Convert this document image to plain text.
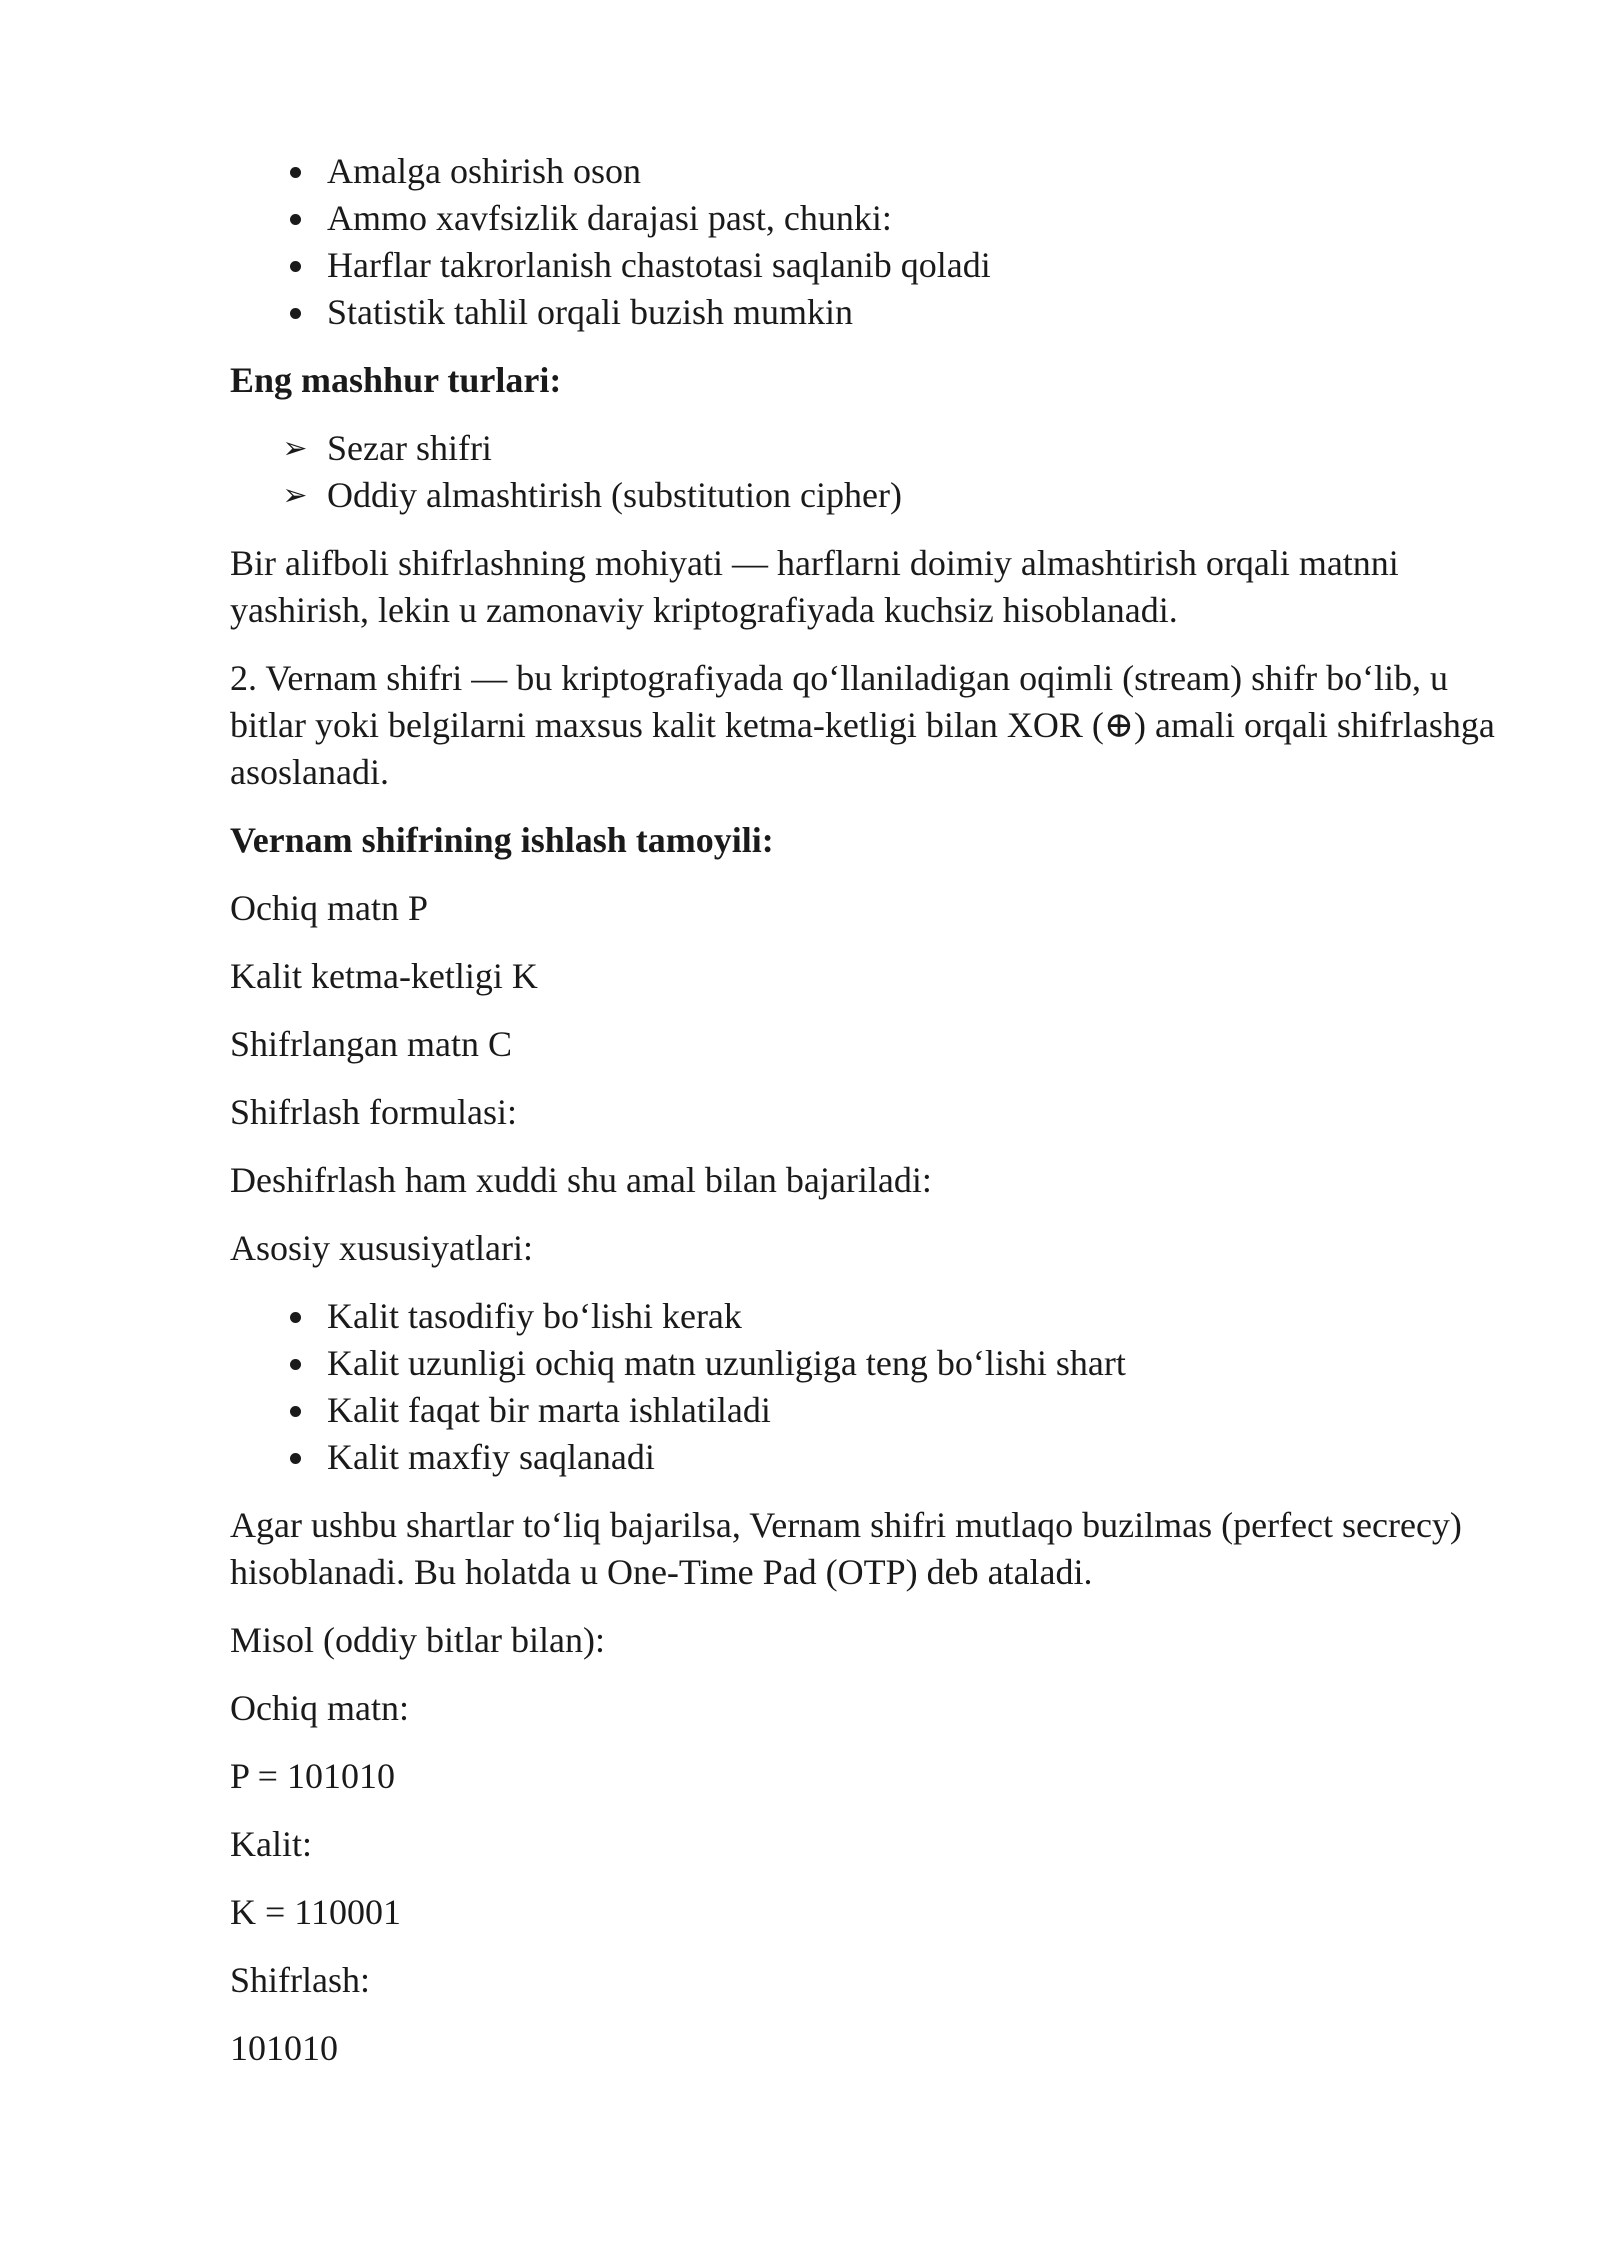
Amalga oshirish oson
Ammo xavfsizlik darajasi past, chunki:
Harflar takrorlanish chastotasi saqlanib qoladi
Statistik tahlil orqali buzish mumkin

Eng mashhur turlari:

➢
Sezar shifri
➢
Oddiy almashtirish (substitution cipher)

Bir alifboli shifrlashning mohiyati — harflarni doimiy almashtirish orqali matnni yashirish, lekin u zamonaviy kriptografiyada kuchsiz hisoblanadi.

2. Vernam shifri — bu kriptografiyada qo‘llaniladigan oqimli (stream) shifr bo‘lib, u bitlar yoki belgilarni maxsus kalit ketma-ketligi bilan XOR (⊕) amali orqali shifrlashga asoslanadi.

Vernam shifrining ishlash tamoyili:

Ochiq matn P

Kalit ketma-ketligi K

Shifrlangan matn C

Shifrlash formulasi:

Deshifrlash ham xuddi shu amal bilan bajariladi:

Asosiy xususiyatlari:

Kalit tasodifiy bo‘lishi kerak
Kalit uzunligi ochiq matn uzunligiga teng bo‘lishi shart
Kalit faqat bir marta ishlatiladi
Kalit maxfiy saqlanadi

Agar ushbu shartlar to‘liq bajarilsa, Vernam shifri mutlaqo buzilmas (perfect secrecy) hisoblanadi. Bu holatda u One-Time Pad (OTP) deb ataladi.

Misol (oddiy bitlar bilan):

Ochiq matn:

P = 101010

Kalit:

K = 110001

Shifrlash:

101010
